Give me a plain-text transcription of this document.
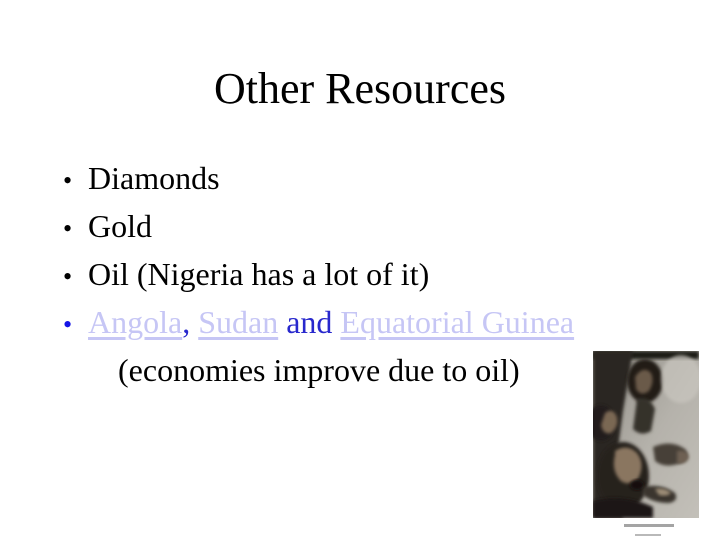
Other Resources
• Diamonds
• Gold
• Oil (Nigeria has a lot of it)
• Angola, Sudan and Equatorial Guinea
(economies improve due to oil)
